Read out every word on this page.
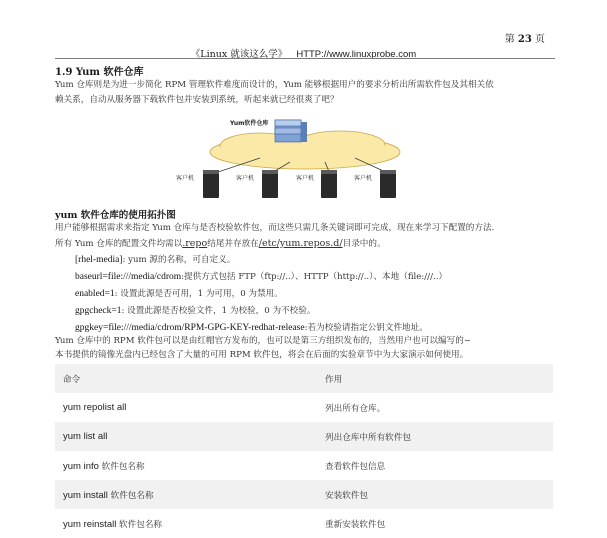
第 23 页
《Linux 就该这么学》 HTTP://www.linuxprobe.com
1.9 Yum 软件仓库
Yum 仓库则是为进一步简化 RPM 管理软件难度而设计的，Yum 能够根据用户的要求分析出所需软件包及其相关依
赖关系，自动从服务器下载软件包并安装到系统，听起来就已经很爽了吧？
Yum软件仓库
客户机	客户机	客户机	客户机
yum 软件仓库的使用拓扑图
用户能够根据需求来指定 Yum 仓库与是否校验软件包，而这些只需几条关键词即可完成，现在来学习下配置的方法.
所有 Yum 仓库的配置文件均需以.repo结尾并存放在/etc/yum.repos.d/目录中的。
[rhel-media]: yum 源的名称，可自定义。
baseurl=file:///media/cdrom:提供方式包括 FTP（ftp://..）、HTTP（http://..）、本地（file:///..）
enabled=1: 设置此源是否可用，1 为可用，0 为禁用。
gpgcheck=1: 设置此源是否校验文件，1 为校验，0 为不校验。
gpgkey=file:///media/cdrom/RPM-GPG-KEY-redhat-release:若为校验请指定公钥文件地址。
Yum 仓库中的 RPM 软件包可以是由红帽官方发布的，也可以是第三方组织发布的，当然用户也可以编写的~
本书提供的镜像光盘内已经包含了大量的可用 RPM 软件包，将会在后面的实验章节中为大家演示如何使用。
命令	作用
yum repolist all	列出所有仓库。
yum list all	列出仓库中所有软件包
yum info 软件包名称	查看软件包信息
yum install 软件包名称	安装软件包
yum reinstall 软件包名称	重新安装软件包
